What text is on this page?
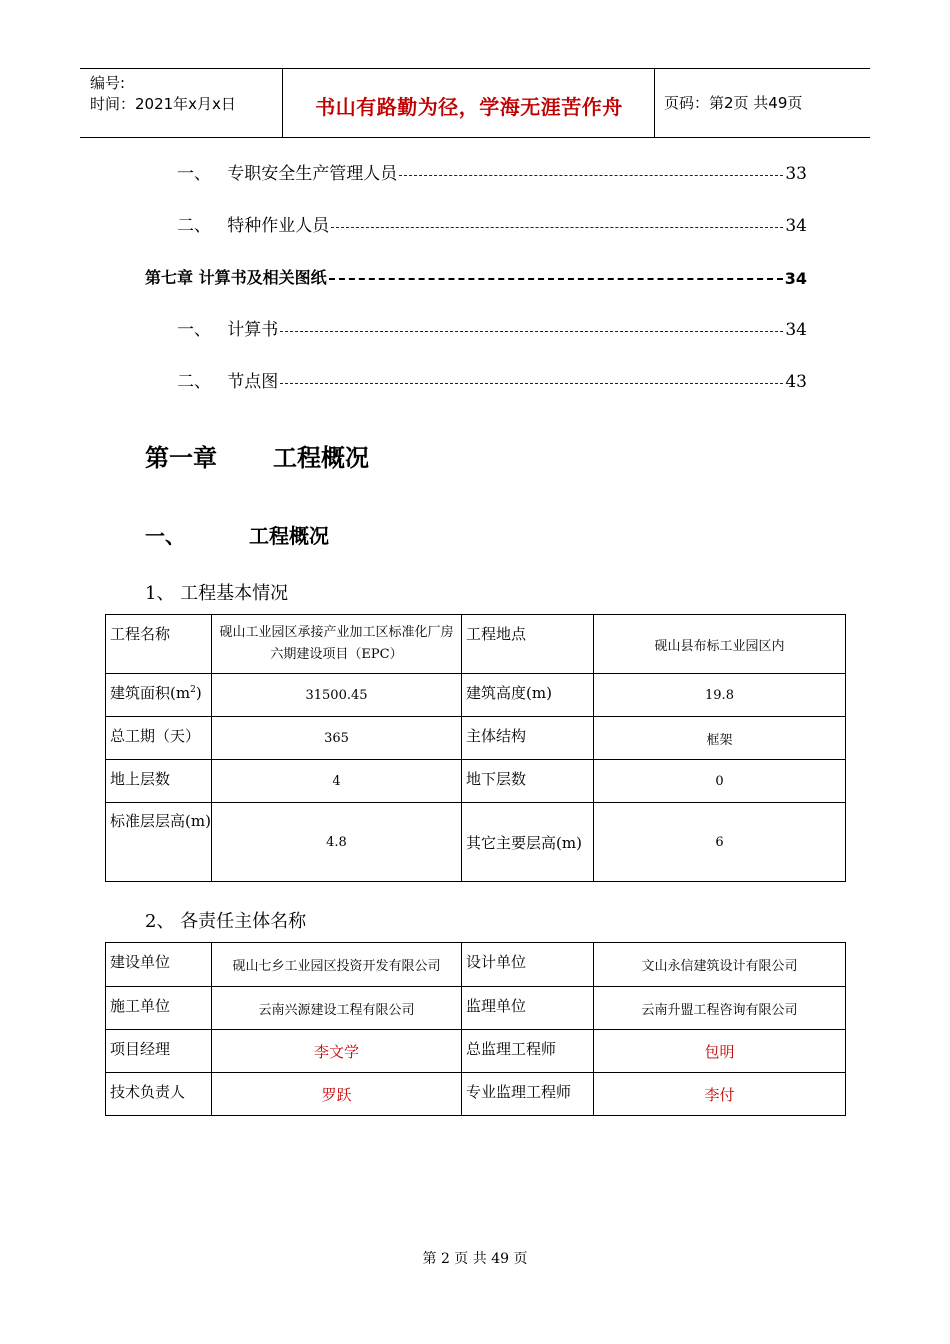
编号:
时间：2021年x月x日	书山有路勤为径，学海无涯苦作舟	页码：第2页 共49页
一、 专职安全生产管理人员	33
二、 特种作业人员	34
第七章 计算书及相关图纸	34
一、 计算书	34
二、 节点图	43
第一章 工程概况
一、	工程概况
1、 工程基本情况
工程名称	砚山工业园区承接产业加工区标准化厂房六期建设项目（EPC）	工程地点	砚山县布标工业园区内
建筑面积$(m^2)$	31500.45	建筑高度(m)	19.8
总工期（天）	365	主体结构	框架
地上层数	4	地下层数	0
标准层层高(m)	4.8	其它主要层高(m)	6
2、 各责任主体名称
建设单位	砚山七乡工业园区投资开发有限公司	设计单位	文山永信建筑设计有限公司
施工单位	云南兴源建设工程有限公司	监理单位	云南升盟工程咨询有限公司
项目经理	李文学	总监理工程师	包明
技术负责人	罗跃	专业监理工程师	李付
第 2 页 共 49 页
